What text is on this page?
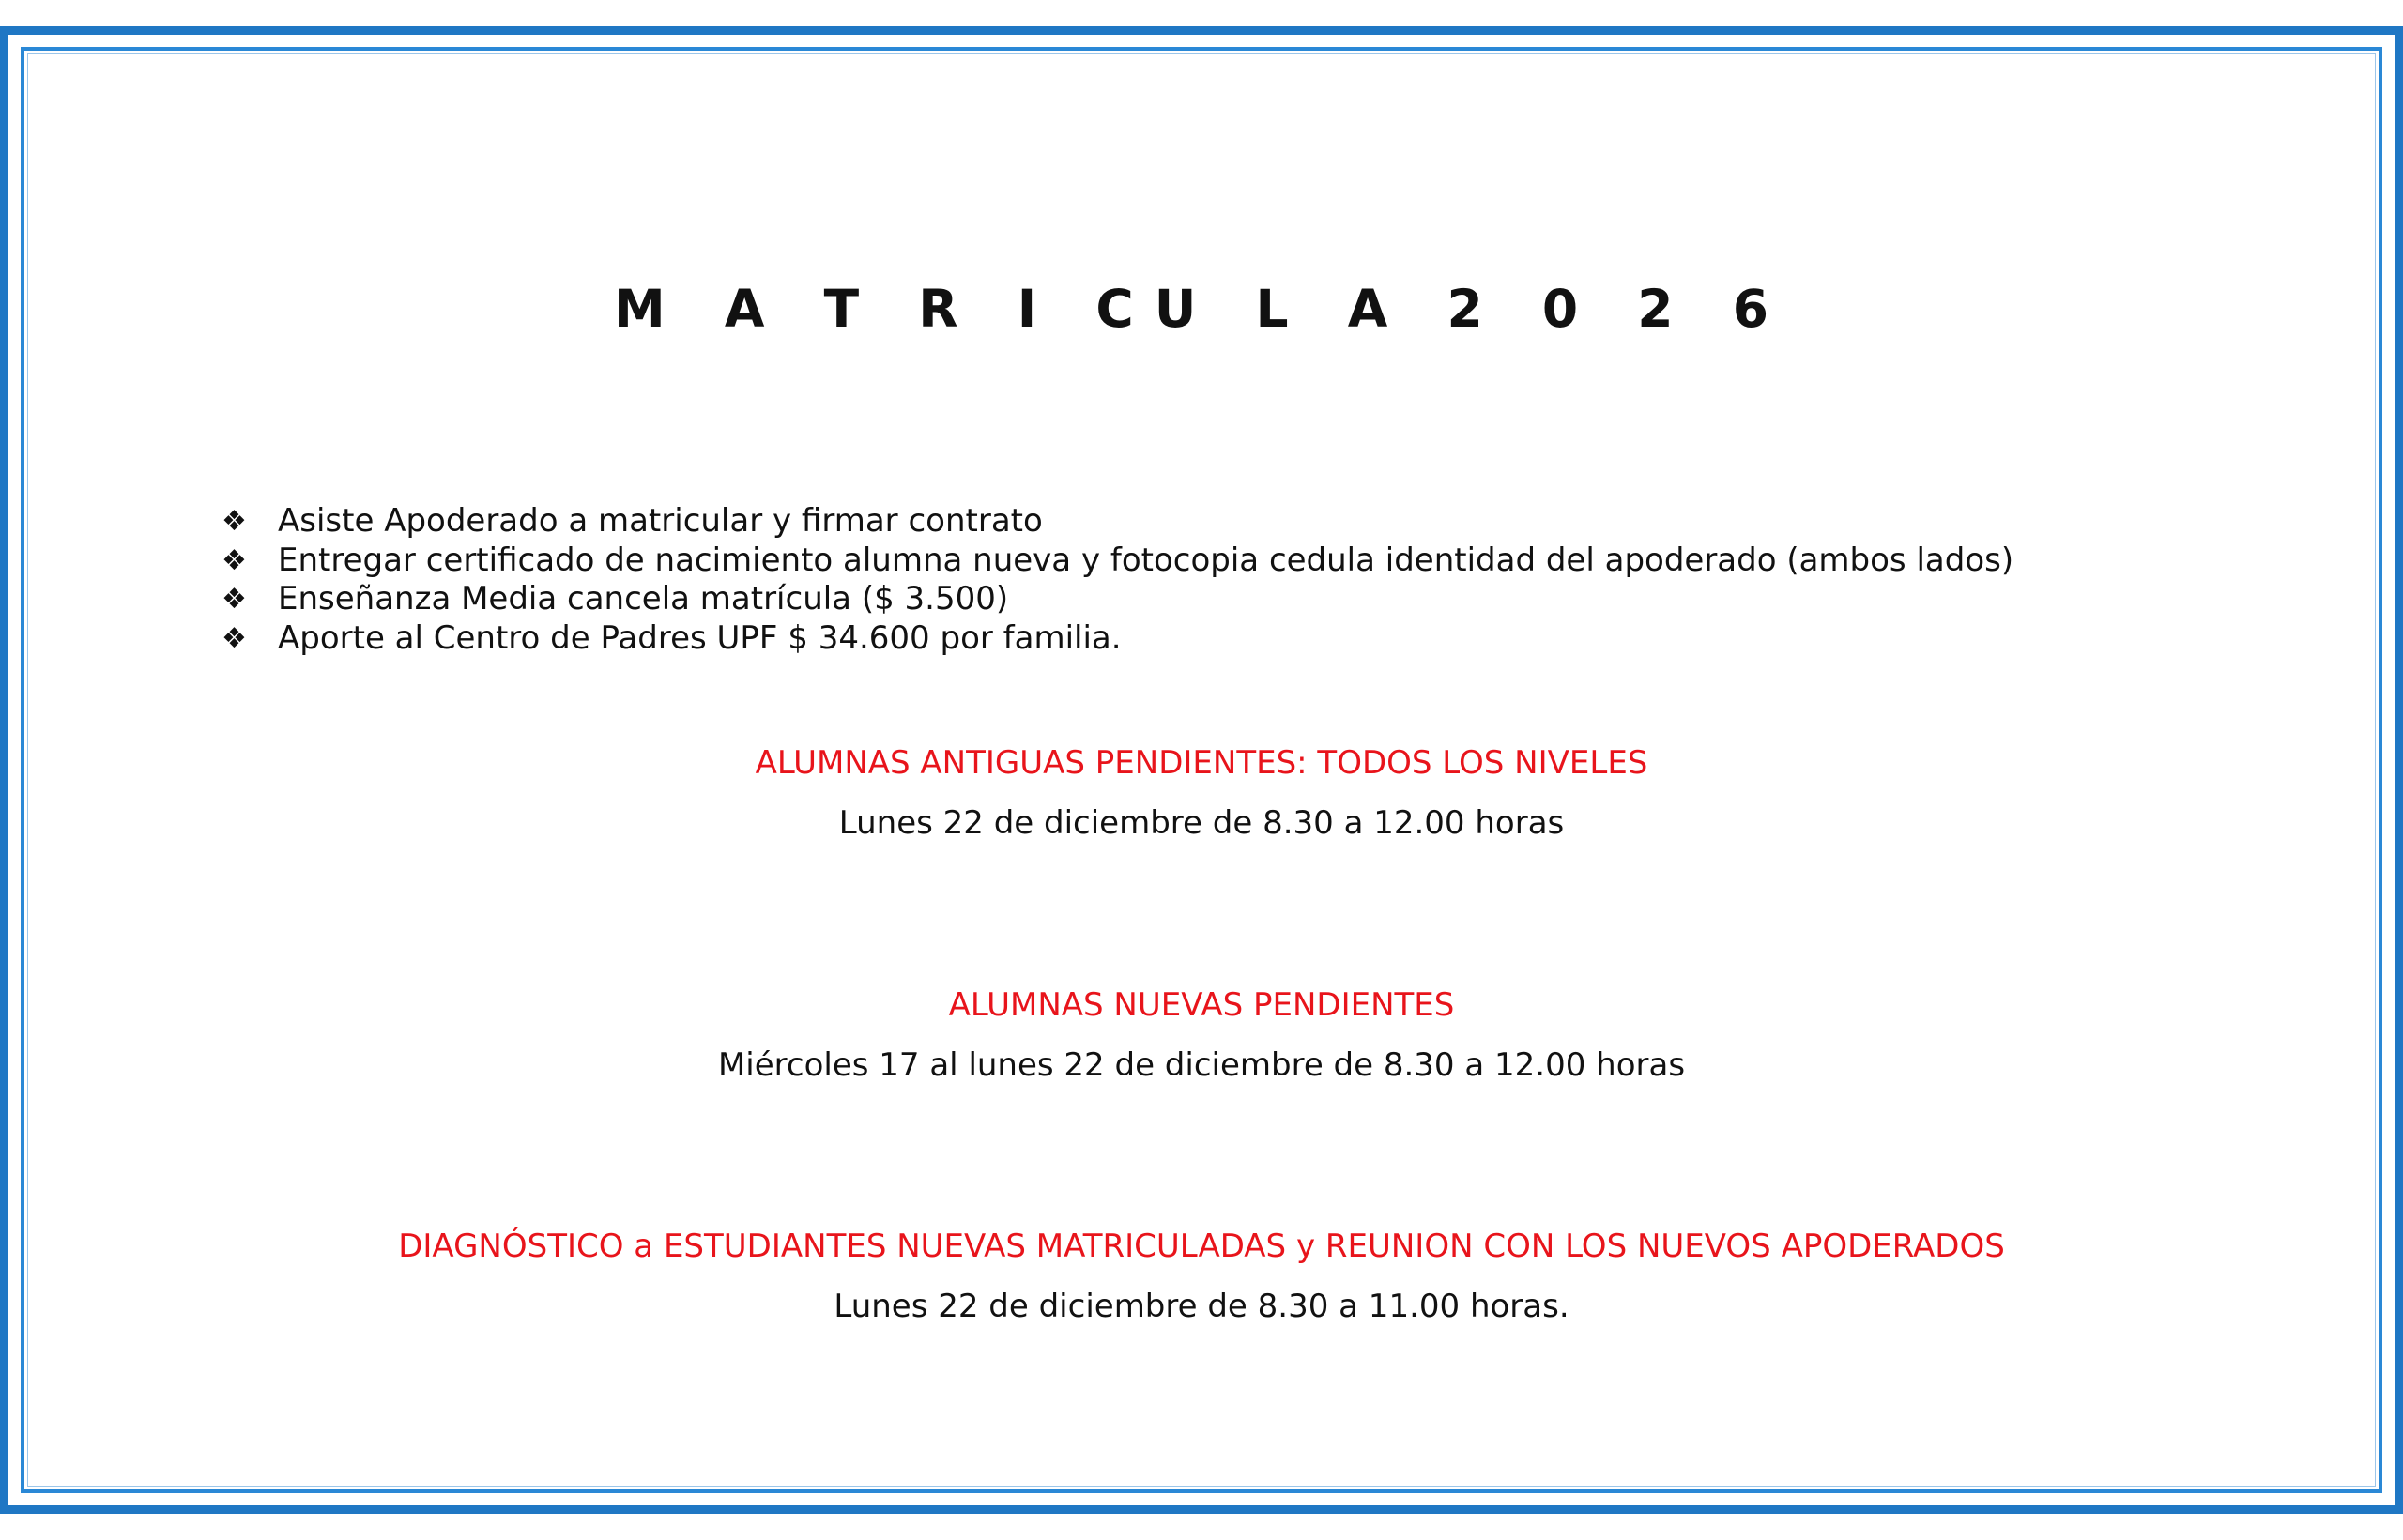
M A T R I CU L A 2 0 2 6
❖ Asiste Apoderado a matricular y firmar contrato
❖ Entregar certificado de nacimiento alumna nueva y fotocopia cedula identidad del apoderado (ambos lados)
❖ Enseñanza Media cancela matrícula ($ 3.500)
❖ Aporte al Centro de Padres UPF $ 34.600 por familia.
ALUMNAS ANTIGUAS PENDIENTES: TODOS LOS NIVELES
Lunes 22 de diciembre de 8.30 a 12.00 horas
ALUMNAS NUEVAS PENDIENTES
Miércoles 17 al lunes 22 de diciembre de 8.30 a 12.00 horas
DIAGNÓSTICO a ESTUDIANTES NUEVAS MATRICULADAS y REUNION CON LOS NUEVOS APODERADOS
Lunes 22 de diciembre de 8.30 a 11.00 horas.
